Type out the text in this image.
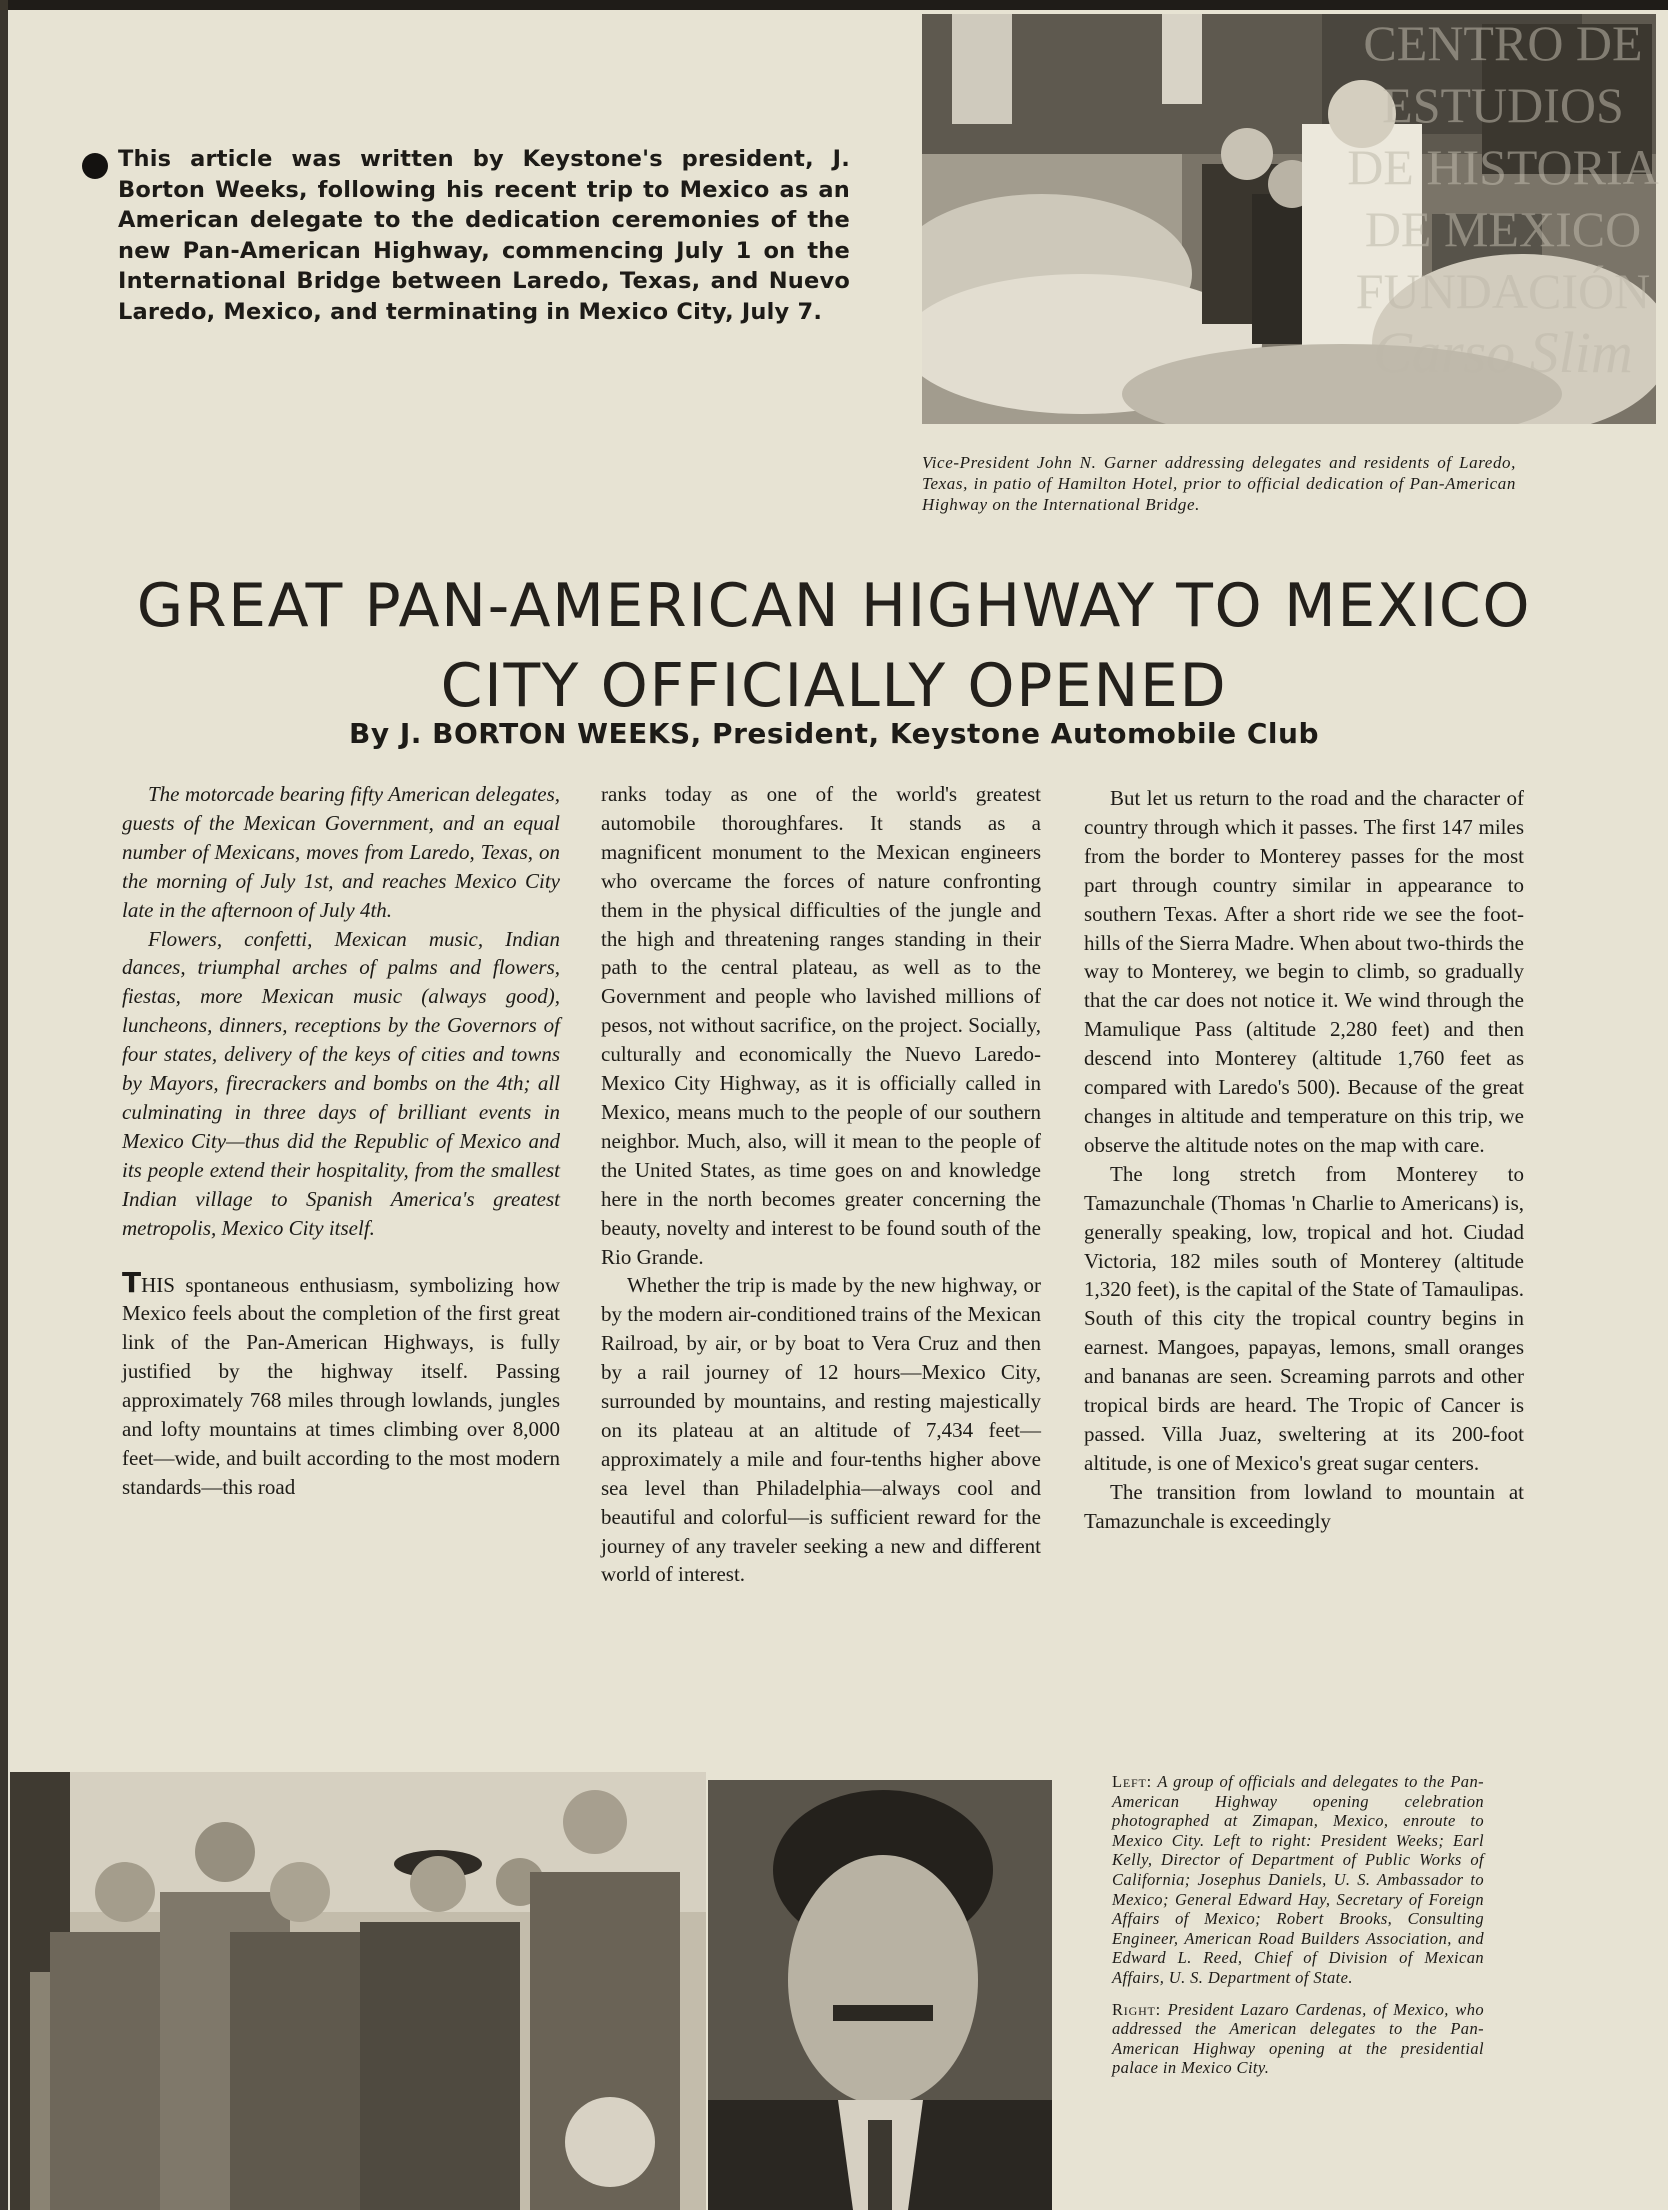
This article was written by Keystone's president, J. Borton Weeks, following his recent trip to Mexico as an American delegate to the dedication ceremonies of the new Pan-American Highway, commencing July 1 on the International Bridge between Laredo, Texas, and Nuevo Laredo, Mexico, and terminating in Mexico City, July 7.

CENTRO DE
ESTUDIOS
DE HISTORIA
DE MEXICO
FUNDACIÓN
Carso Slim
Vice-President John N. Garner addressing delegates and residents of Laredo, Texas, in patio of Hamilton Hotel, prior to official dedication of Pan-American Highway on the International Bridge.
GREAT PAN-AMERICAN HIGHWAY TO MEXICO CITY OFFICIALLY OPENED
By J. BORTON WEEKS, President, Keystone Automobile Club

The motorcade bearing fifty American delegates, guests of the Mexican Government, and an equal number of Mexicans, moves from Laredo, Texas, on the morning of July 1st, and reaches Mexico City late in the afternoon of July 4th.

Flowers, confetti, Mexican music, Indian dances, triumphal arches of palms and flowers, fiestas, more Mexican music (always good), luncheons, dinners, receptions by the Governors of four states, delivery of the keys of cities and towns by Mayors, firecrackers and bombs on the 4th; all culminating in three days of brilliant events in Mexico City—thus did the Republic of Mexico and its people extend their hospitality, from the smallest Indian village to Spanish America's greatest metropolis, Mexico City itself.

THIS spontaneous enthusiasm, symbolizing how Mexico feels about the completion of the first great link of the Pan-American Highways, is fully justified by the highway itself. Passing approximately 768 miles through lowlands, jungles and lofty mountains at times climbing over 8,000 feet—wide, and built according to the most modern standards—this road

ranks today as one of the world's greatest automobile thoroughfares. It stands as a magnificent monument to the Mexican engineers who overcame the forces of nature confronting them in the physical difficulties of the jungle and the high and threatening ranges standing in their path to the central plateau, as well as to the Government and people who lavished millions of pesos, not without sacrifice, on the project. Socially, culturally and economically the Nuevo Laredo-Mexico City Highway, as it is officially called in Mexico, means much to the people of our southern neighbor. Much, also, will it mean to the people of the United States, as time goes on and knowledge here in the north becomes greater concerning the beauty, novelty and interest to be found south of the Rio Grande.

Whether the trip is made by the new highway, or by the modern air-conditioned trains of the Mexican Railroad, by air, or by boat to Vera Cruz and then by a rail journey of 12 hours—Mexico City, surrounded by mountains, and resting majestically on its plateau at an altitude of 7,434 feet—approximately a mile and four-tenths higher above sea level than Philadelphia—always cool and beautiful and colorful—is sufficient reward for the journey of any traveler seeking a new and different world of interest.

But let us return to the road and the character of country through which it passes. The first 147 miles from the border to Monterey passes for the most part through country similar in appearance to southern Texas. After a short ride we see the foot-hills of the Sierra Madre. When about two-thirds the way to Monterey, we begin to climb, so gradually that the car does not notice it. We wind through the Mamulique Pass (altitude 2,280 feet) and then descend into Monterey (altitude 1,760 feet as compared with Laredo's 500). Because of the great changes in altitude and temperature on this trip, we observe the altitude notes on the map with care.

The long stretch from Monterey to Tamazunchale (Thomas 'n Charlie to Americans) is, generally speaking, low, tropical and hot. Ciudad Victoria, 182 miles south of Monterey (altitude 1,320 feet), is the capital of the State of Tamaulipas. South of this city the tropical country begins in earnest. Mangoes, papayas, lemons, small oranges and bananas are seen. Screaming parrots and other tropical birds are heard. The Tropic of Cancer is passed. Villa Juaz, sweltering at its 200-foot altitude, is one of Mexico's great sugar centers.

The transition from lowland to mountain at Tamazunchale is exceedingly

Left: A group of officials and delegates to the Pan-American Highway opening celebration photographed at Zimapan, Mexico, enroute to Mexico City. Left to right: President Weeks; Earl Kelly, Director of Department of Public Works of California; Josephus Daniels, U. S. Ambassador to Mexico; General Edward Hay, Secretary of Foreign Affairs of Mexico; Robert Brooks, Consulting Engineer, American Road Builders Association, and Edward L. Reed, Chief of Division of Mexican Affairs, U. S. Department of State.

Right: President Lazaro Cardenas, of Mexico, who addressed the American delegates to the Pan-American Highway opening at the presidential palace in Mexico City.
